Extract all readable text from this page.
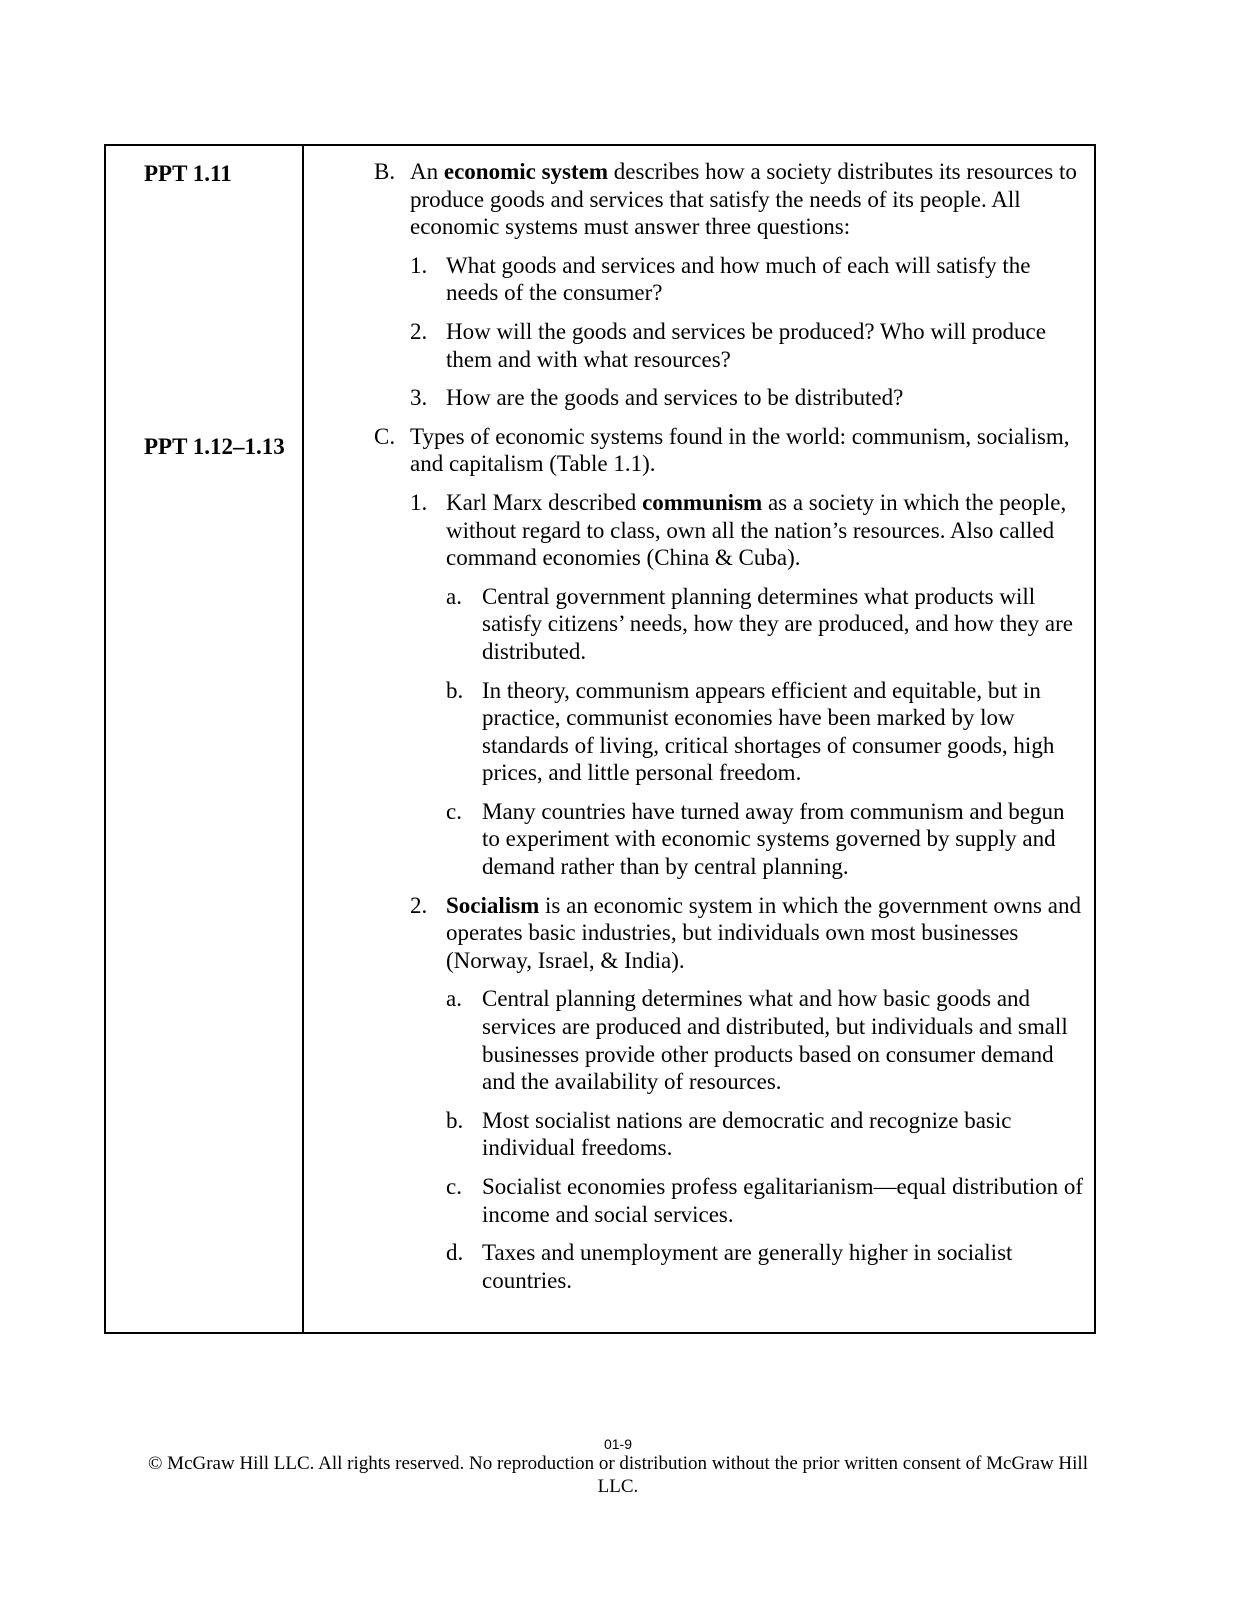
PPT 1.11
PPT 1.12–1.13
B. An economic system describes how a society distributes its resources to produce goods and services that satisfy the needs of its people. All economic systems must answer three questions:
1. What goods and services and how much of each will satisfy the needs of the consumer?
2. How will the goods and services be produced? Who will produce them and with what resources?
3. How are the goods and services to be distributed?
C. Types of economic systems found in the world: communism, socialism, and capitalism (Table 1.1).
1. Karl Marx described communism as a society in which the people, without regard to class, own all the nation’s resources. Also called command economies (China & Cuba).
a. Central government planning determines what products will satisfy citizens’ needs, how they are produced, and how they are distributed.
b. In theory, communism appears efficient and equitable, but in practice, communist economies have been marked by low standards of living, critical shortages of consumer goods, high prices, and little personal freedom.
c. Many countries have turned away from communism and begun to experiment with economic systems governed by supply and demand rather than by central planning.
2. Socialism is an economic system in which the government owns and operates basic industries, but individuals own most businesses (Norway, Israel, & India).
a. Central planning determines what and how basic goods and services are produced and distributed, but individuals and small businesses provide other products based on consumer demand and the availability of resources.
b. Most socialist nations are democratic and recognize basic individual freedoms.
c. Socialist economies profess egalitarianism—equal distribution of income and social services.
d. Taxes and unemployment are generally higher in socialist countries.
01-9
© McGraw Hill LLC. All rights reserved. No reproduction or distribution without the prior written consent of McGraw Hill LLC.
